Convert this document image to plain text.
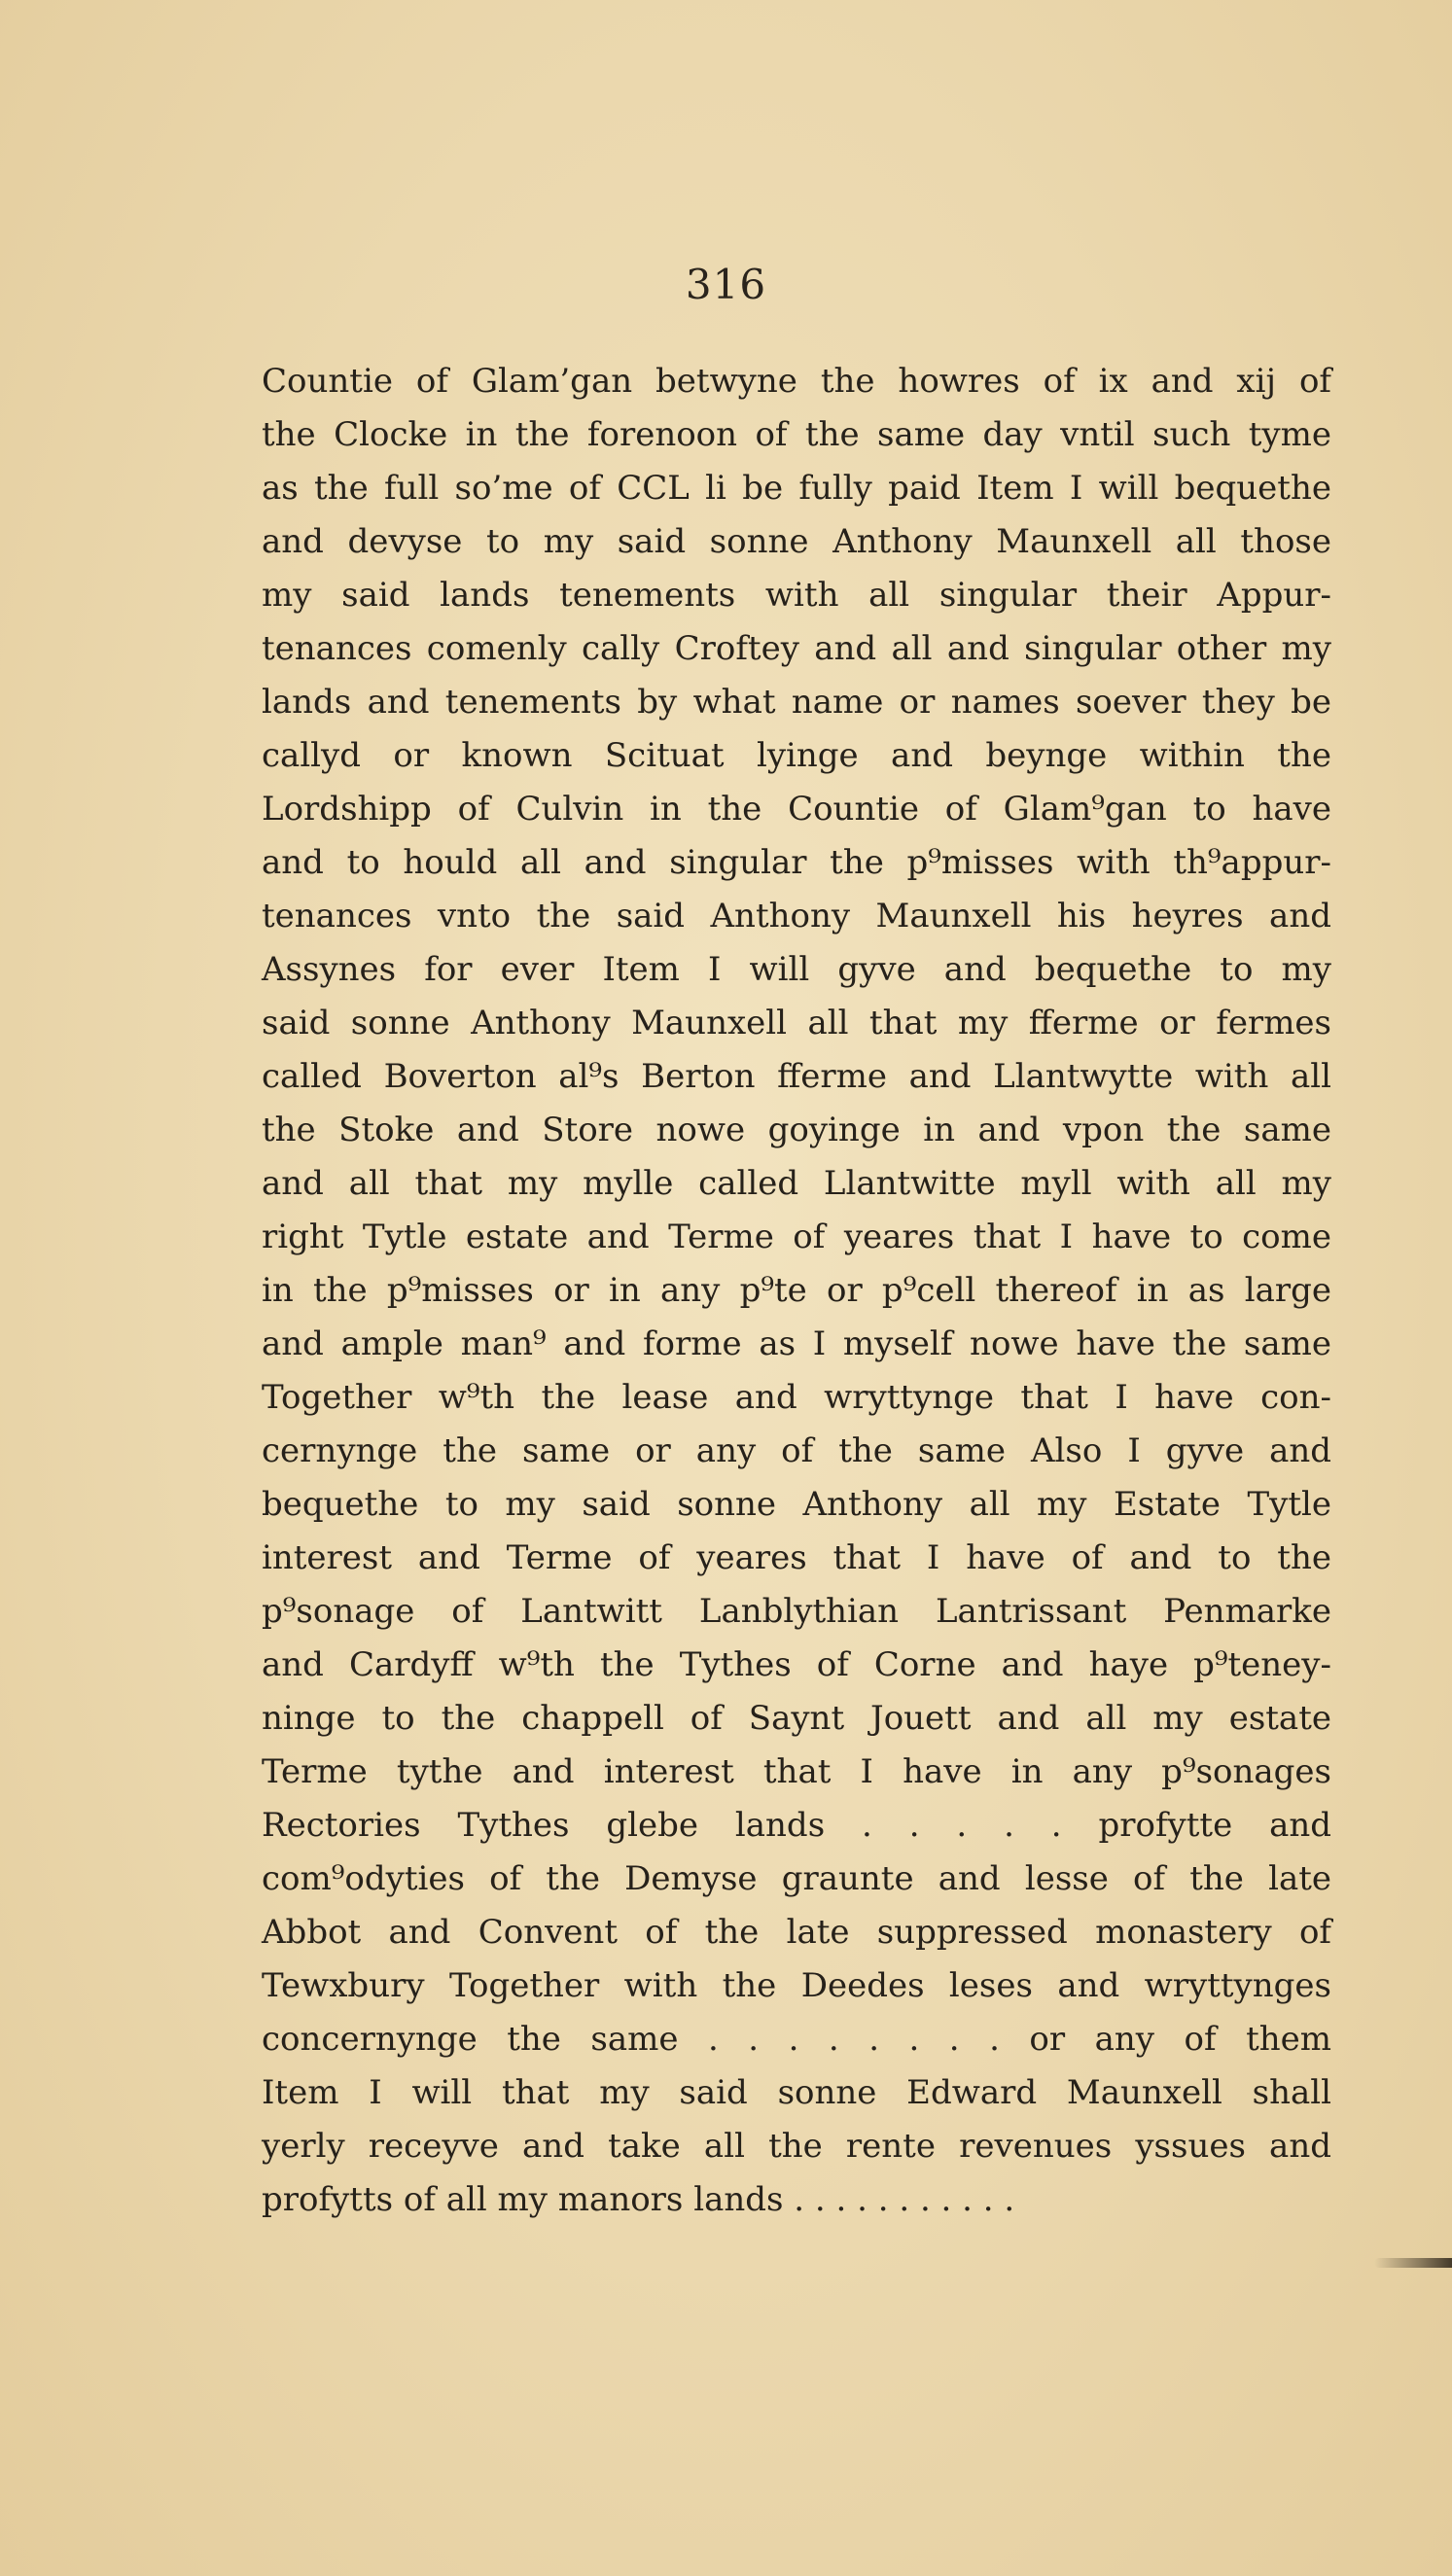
316
Countie of Glam’gan betwyne the howres of ix and xij of
the Clocke in the forenoon of the same day vntil such tyme
as the full so’me of CCL li be fully paid Item I will bequethe
and devyse to my said sonne Anthony Maunxell all those
my said lands tenements with all singular their Appur-
tenances comenly cally Croftey and all and singular other my
lands and tenements by what name or names soever they be
callyd or known Scituat lyinge and beynge within the
Lordshipp of Culvin in the Countie of Glam⁹gan to have
and to hould all and singular the p⁹misses with th⁹appur-
tenances vnto the said Anthony Maunxell his heyres and
Assynes for ever Item I will gyve and bequethe to my
said sonne Anthony Maunxell all that my fferme or fermes
called Boverton al⁹s Berton fferme and Llantwytte with all
the Stoke and Store nowe goyinge in and vpon the same
and all that my mylle called Llantwitte myll with all my
right Tytle estate and Terme of yeares that I have to come
in the p⁹misses or in any p⁹te or p⁹cell thereof in as large
and ample man⁹ and forme as I myself nowe have the same
Together w⁹th the lease and wryttynge that I have con-
cernynge the same or any of the same Also I gyve and
bequethe to my said sonne Anthony all my Estate Tytle
interest and Terme of yeares that I have of and to the
p⁹sonage of Lantwitt Lanblythian Lantrissant Penmarke
and Cardyff w⁹th the Tythes of Corne and haye p⁹teney-
ninge to the chappell of Saynt Jouett and all my estate
Terme tythe and interest that I have in any p⁹sonages
Rectories Tythes glebe lands . . . . . profytte and
com⁹odyties of the Demyse graunte and lesse of the late
Abbot and Convent of the late suppressed monastery of
Tewxbury Together with the Deedes leses and wryttynges
concernynge the same . . . . . . . . or any of them
Item I will that my said sonne Edward Maunxell shall
yerly receyve and take all the rente revenues yssues and
profytts of all my manors lands . . . . . . . . . . .
